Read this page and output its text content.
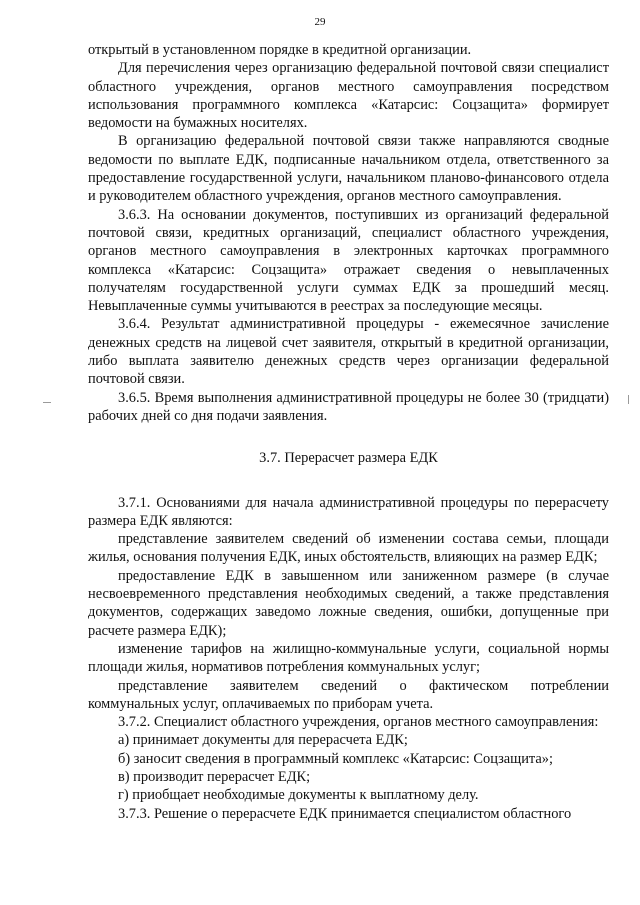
29

открытый в установленном порядке в кредитной организации.

Для перечисления через организацию федеральной почтовой связи специалист областного учреждения, органов местного самоуправления посредством использования программного комплекса «Катарсис: Соцзащита» формирует ведомости на бумажных носителях.

В организацию федеральной почтовой связи также направляются сводные ведомости по выплате ЕДК, подписанные начальником отдела, ответственного за предоставление государственной услуги, начальником планово-финансового отдела и руководителем областного учреждения, органов местного самоуправления.

3.6.3. На основании документов, поступивших из организаций федеральной почтовой связи, кредитных организаций, специалист областного учреждения, органов местного самоуправления в электронных карточках программного комплекса «Катарсис: Соцзащита» отражает сведения о невыплаченных получателям государственной услуги суммах ЕДК за прошедший месяц. Невыплаченные суммы учитываются в реестрах за последующие месяцы.

3.6.4. Результат административной процедуры - ежемесячное зачисление денежных средств на лицевой счет заявителя, открытый в кредитной организации, либо выплата заявителю денежных средств через организации федеральной почтовой связи.

3.6.5. Время выполнения административной процедуры не более 30 (тридцати) рабочих дней со дня подачи заявления.

3.7. Перерасчет размера ЕДК

3.7.1. Основаниями для начала административной процедуры по перерасчету размера ЕДК являются:

представление заявителем сведений об изменении состава семьи, площади жилья, основания получения ЕДК, иных обстоятельств, влияющих на размер ЕДК;

предоставление ЕДК в завышенном или заниженном размере (в случае несвоевременного представления необходимых сведений, а также представления документов, содержащих заведомо ложные сведения, ошибки, допущенные при расчете размера ЕДК);

изменение тарифов на жилищно-коммунальные услуги, социальной нормы площади жилья, нормативов потребления коммунальных услуг;

представление заявителем сведений о фактическом потреблении коммунальных услуг, оплачиваемых по приборам учета.

3.7.2. Специалист областного учреждения, органов местного самоуправления:

а) принимает документы для перерасчета ЕДК;

б) заносит сведения в программный комплекс «Катарсис: Соцзащита»;

в) производит перерасчет ЕДК;

г) приобщает необходимые документы к выплатному делу.

3.7.3. Решение о перерасчете ЕДК принимается специалистом областного
